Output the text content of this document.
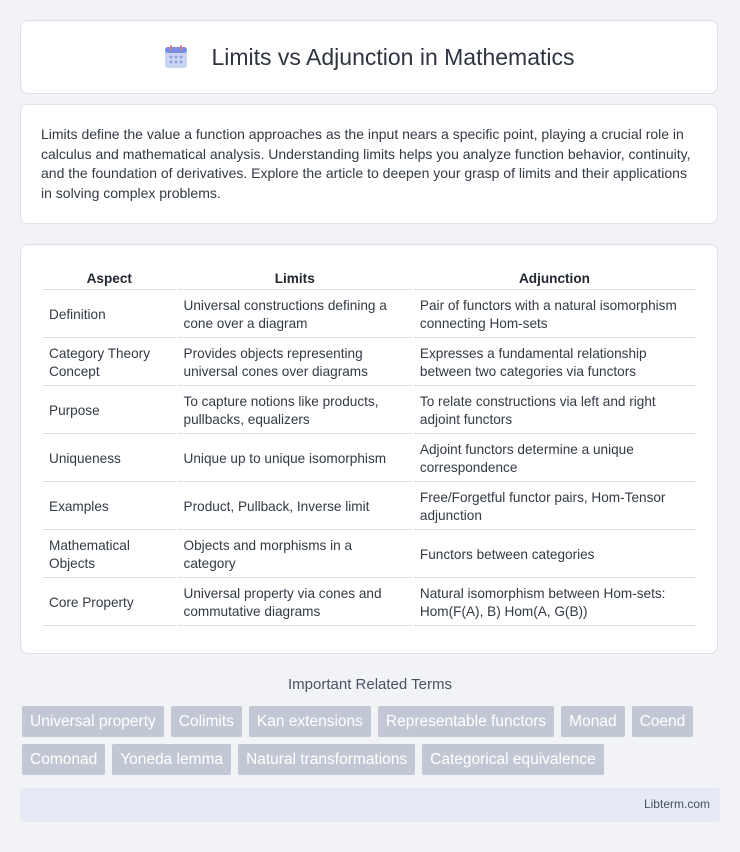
Limits vs Adjunction in Mathematics

Limits define the value a function approaches as the input nears a specific point, playing a crucial role in calculus and mathematical analysis. Understanding limits helps you analyze function behavior, continuity, and the foundation of derivatives. Explore the article to deepen your grasp of limits and their applications in solving complex problems.

Aspect	Limits	Adjunction
Definition	Universal constructions defining a cone over a diagram	Pair of functors with a natural isomorphism connecting Hom-sets
Category Theory Concept	Provides objects representing universal cones over diagrams	Expresses a fundamental relationship between two categories via functors
Purpose	To capture notions like products, pullbacks, equalizers	To relate constructions via left and right adjoint functors
Uniqueness	Unique up to unique isomorphism	Adjoint functors determine a unique correspondence
Examples	Product, Pullback, Inverse limit	Free/Forgetful functor pairs, Hom-Tensor adjunction
Mathematical Objects	Objects and morphisms in a category	Functors between categories
Core Property	Universal property via cones and commutative diagrams	Natural isomorphism between Hom-sets: Hom(F(A), B) Hom(A, G(B))
Important Related Terms
Universal property	Colimits	Kan extensions	Representable functors	Monad	Coend
Comonad	Yoneda lemma	Natural transformations	Categorical equivalence
Libterm.com
